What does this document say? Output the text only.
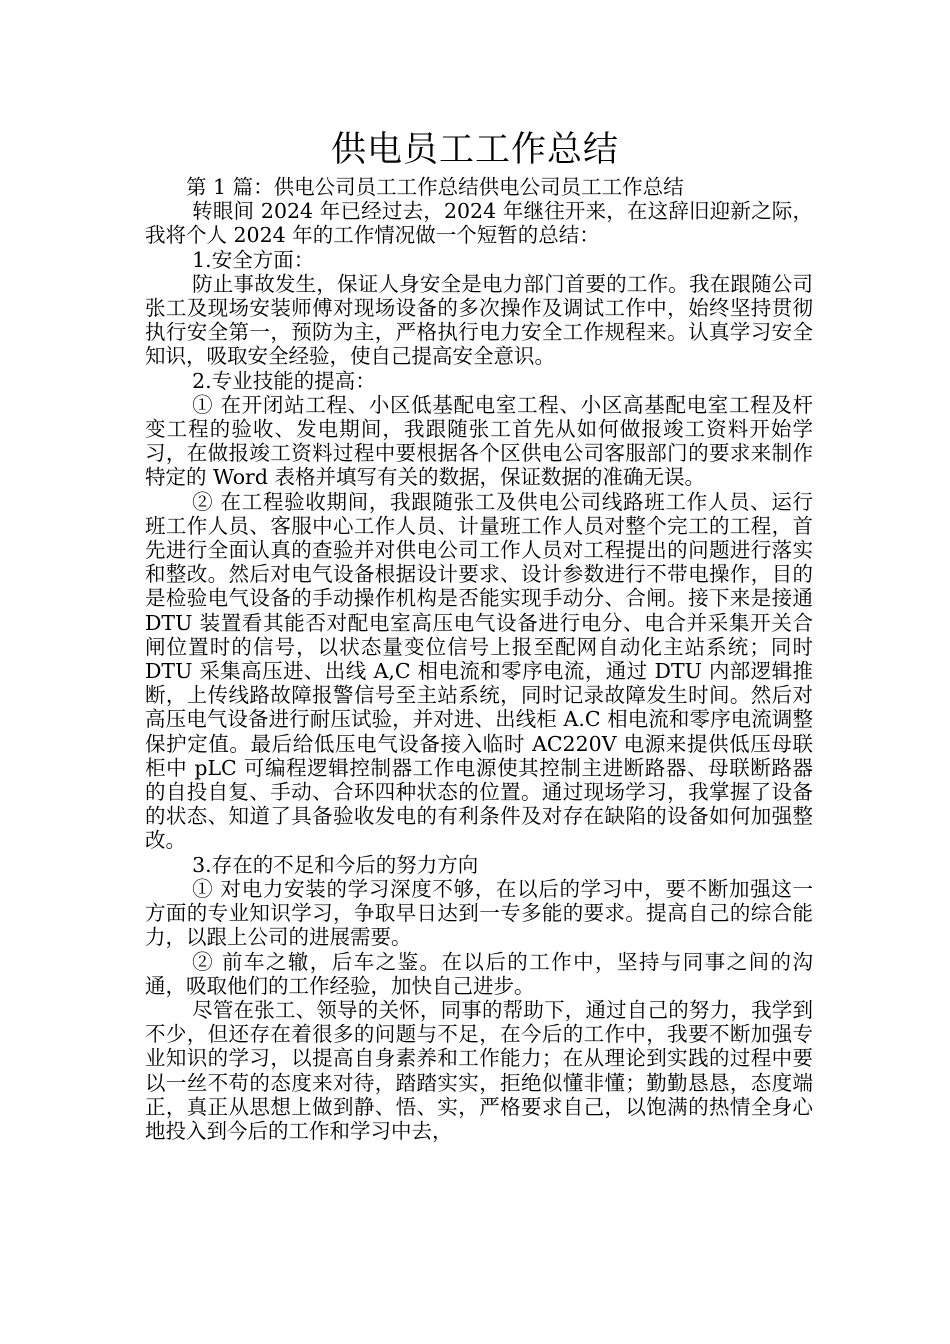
供电员工工作总结

第 1 篇：供电公司员工工作总结供电公司员工工作总结

转眼间 2024 年已经过去，2024 年继往开来，在这辞旧迎新之际，我将个人 2024 年的工作情况做一个短暂的总结：

1.安全方面：

防止事故发生，保证人身安全是电力部门首要的工作。我在跟随公司张工及现场安装师傅对现场设备的多次操作及调试工作中，始终坚持贯彻执行安全第一，预防为主，严格执行电力安全工作规程来。认真学习安全知识，吸取安全经验，使自己提高安全意识。

2.专业技能的提高：

① 在开闭站工程、小区低基配电室工程、小区高基配电室工程及杆变工程的验收、发电期间，我跟随张工首先从如何做报竣工资料开始学习，在做报竣工资料过程中要根据各个区供电公司客服部门的要求来制作特定的 Word 表格并填写有关的数据，保证数据的准确无误。

② 在工程验收期间，我跟随张工及供电公司线路班工作人员、运行班工作人员、客服中心工作人员、计量班工作人员对整个完工的工程，首先进行全面认真的查验并对供电公司工作人员对工程提出的问题进行落实和整改。然后对电气设备根据设计要求、设计参数进行不带电操作，目的是检验电气设备的手动操作机构是否能实现手动分、合闸。接下来是接通 DTU 装置看其能否对配电室高压电气设备进行电分、电合并采集开关合闸位置时的信号，以状态量变位信号上报至配网自动化主站系统；同时 DTU 采集高压进、出线 A,C 相电流和零序电流，通过 DTU 内部逻辑推断，上传线路故障报警信号至主站系统，同时记录故障发生时间。然后对高压电气设备进行耐压试验，并对进、出线柜 A.C 相电流和零序电流调整保护定值。最后给低压电气设备接入临时 AC220V 电源来提供低压母联柜中 pLC 可编程逻辑控制器工作电源使其控制主进断路器、母联断路器的自投自复、手动、合环四种状态的位置。通过现场学习，我掌握了设备的状态、知道了具备验收发电的有利条件及对存在缺陷的设备如何加强整改。

3.存在的不足和今后的努力方向

① 对电力安装的学习深度不够，在以后的学习中，要不断加强这一方面的专业知识学习，争取早日达到一专多能的要求。提高自己的综合能力，以跟上公司的进展需要。

② 前车之辙，后车之鉴。在以后的工作中，坚持与同事之间的沟通，吸取他们的工作经验，加快自己进步。

尽管在张工、领导的关怀，同事的帮助下，通过自己的努力，我学到不少，但还存在着很多的问题与不足，在今后的工作中，我要不断加强专业知识的学习，以提高自身素养和工作能力；在从理论到实践的过程中要以一丝不苟的态度来对待，踏踏实实，拒绝似懂非懂；勤勤恳恳，态度端正，真正从思想上做到静、悟、实，严格要求自己，以饱满的热情全身心地投入到今后的工作和学习中去，
